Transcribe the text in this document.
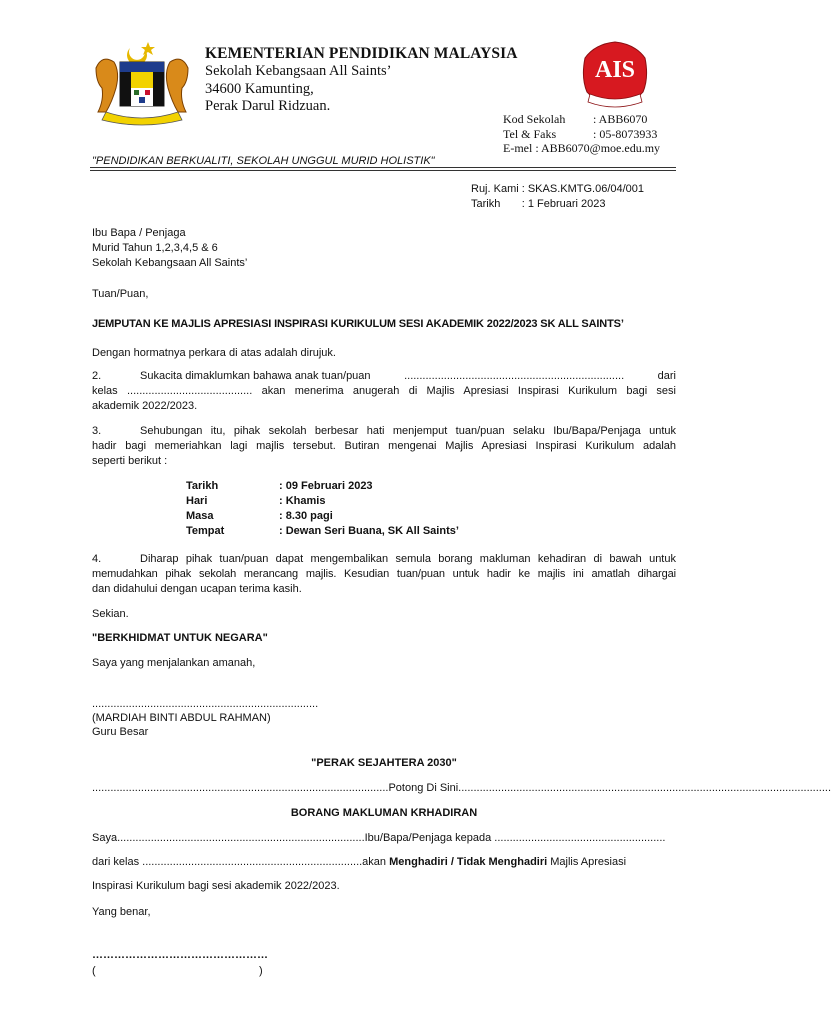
KEMENTERIAN PENDIDIKAN MALAYSIA
Sekolah Kebangsaan All Saints’
34600 Kamunting,
Perak Darul Ridzuan.
AIS
Kod Sekolah : ABB6070
Tel & Faks	: 05-8073933
E-mel : ABB6070@moe.edu.my
"PENDIDIKAN BERKUALITI, SEKOLAH UNGGUL MURID HOLISTIK"
Ruj. Kami : SKAS.KMTG.06/04/001
Tarikh       : 1 Februari 2023
Ibu Bapa / Penjaga
Murid Tahun 1,2,3,4,5 & 6
Sekolah Kebangsaan All Saints’
Tuan/Puan,
JEMPUTAN KE MAJLIS APRESIASI INSPIRASI KURIKULUM SESI AKADEMIK 2022/2023 SK ALL SAINTS’
Dengan hormatnya perkara di atas adalah dirujuk.
2.	Sukacita dimaklumkan bahawa anak tuan/puan	........................................................................	dari
kelas ......................................... akan menerima anugerah di Majlis Apresiasi Inspirasi Kurikulum bagi sesi
akademik 2022/2023.
3.	Sehubungan itu, pihak sekolah berbesar hati menjemput tuan/puan selaku Ibu/Bapa/Penjaga untuk
hadir bagi memeriahkan lagi majlis tersebut. Butiran mengenai Majlis Apresiasi Inspirasi Kurikulum adalah
seperti berikut :
Tarikh	: 09 Februari 2023
Hari	: Khamis
Masa	: 8.30 pagi
Tempat	: Dewan Seri Buana, SK All Saints’
4.	Diharap pihak tuan/puan dapat mengembalikan semula borang makluman kehadiran di bawah untuk
memudahkan pihak sekolah merancang majlis. Kesudian tuan/puan untuk hadir ke majlis ini amatlah dihargai
dan didahului dengan ucapan terima kasih.
Sekian.
"BERKHIDMAT UNTUK NEGARA"
Saya yang menjalankan amanah,
..........................................................................
(MARDIAH BINTI ABDUL RAHMAN)
Guru Besar
"PERAK SEJAHTERA 2030"
................................................................................................. Potong Di Sini ..........................................................................................................................
BORANG MAKLUMAN KRHADIRAN
Saya.................................................................................Ibu/Bapa/Penjaga kepada ........................................................
dari kelas ........................................................................akan Menghadiri / Tidak Menghadiri Majlis Apresiasi
Inspirasi Kurikulum bagi sesi akademik 2022/2023.
Yang benar,
…………………………………………
(	)
